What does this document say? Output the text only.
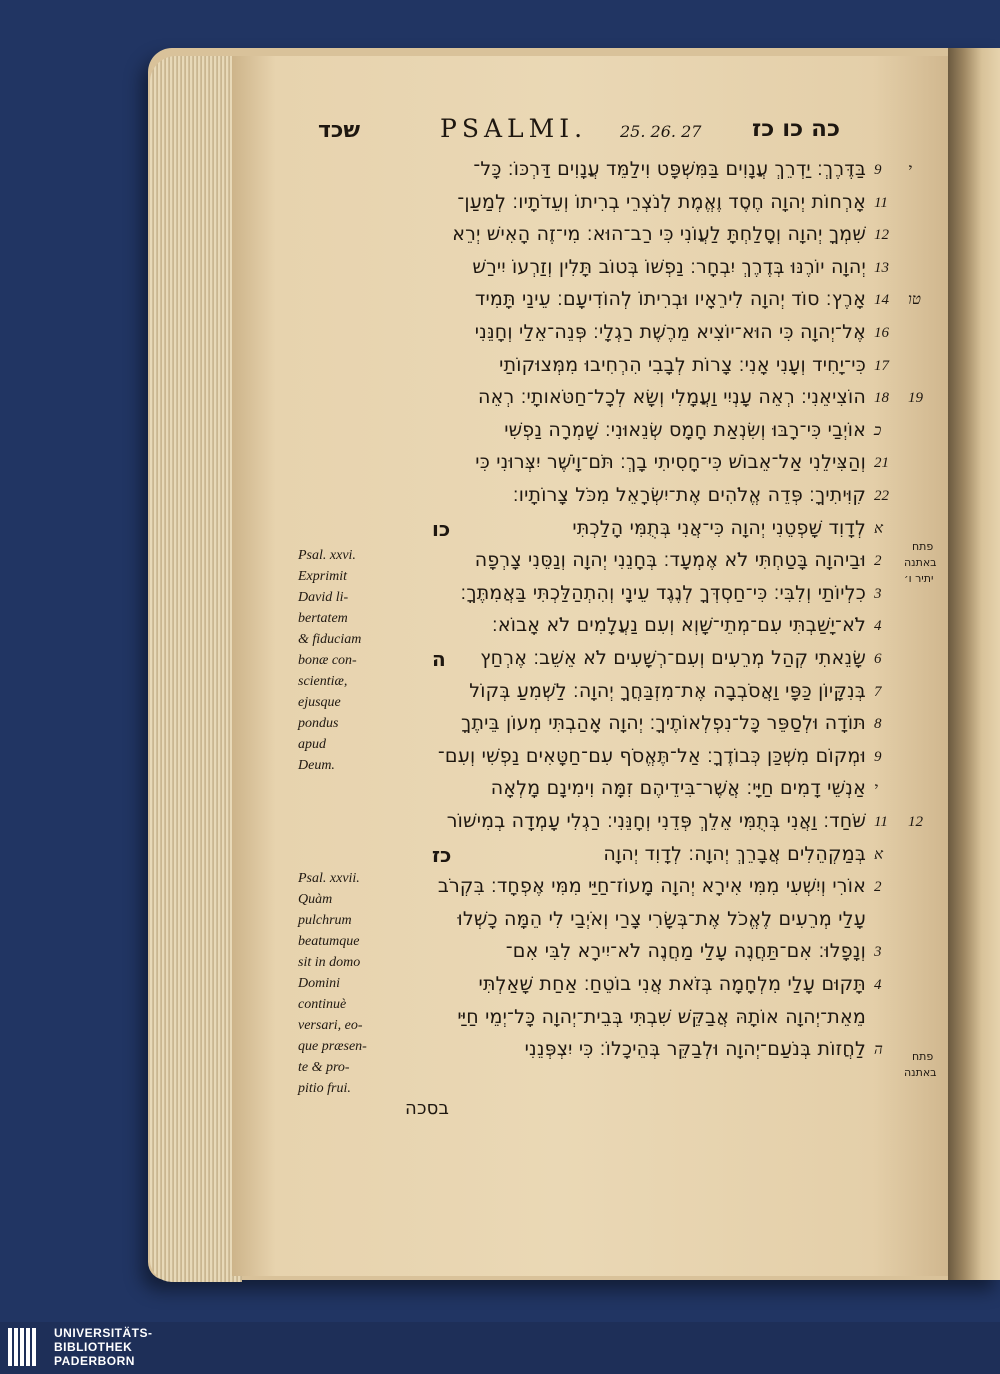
שכד	PSALMI. 25. 26. 27 כה כו כז
בַּדֶּרֶךְ׃ יַדְרֵךְ עֲנָוִים בַּמִּשְׁפָּט וִילַמֵּד עֲנָוִים דַּרְכּוֹ׃ כָּל־ 9 י
אָרְחוֹת יְהוָה חֶסֶד וֶאֱמֶת לְנֹצְרֵי בְרִיתוֹ וְעֵדֹתָיו׃ לְמַעַן־ 11
שִׁמְךָ יְהוָה וְסָלַחְתָּ לַעֲוֹנִי כִּי רַב־הוּא׃ מִי־זֶה הָאִישׁ יְרֵא 12
יְהוָה יוֹרֶנּוּ בְּדֶרֶךְ יִבְחָר׃ נַפְשׁוֹ בְּטוֹב תָּלִין וְזַרְעוֹ יִירַשׁ 13
אָרֶץ׃ סוֹד יְהוָה לִירֵאָיו וּבְרִיתוֹ לְהוֹדִיעָם׃ עֵינַי תָּמִיד 14 טו
אֶל־יְהוָה כִּי הוּא־יוֹצִיא מֵרֶשֶׁת רַגְלָי׃ פְּנֵה־אֵלַי וְחָנֵּנִי 16
כִּי־יָחִיד וְעָנִי אָנִי׃ צָרוֹת לְבָבִי הִרְחִיבוּ מִמְּצוּקוֹתַי 17
הוֹצִיאֵנִי׃ רְאֵה עָנְיִי וַעֲמָלִי וְשָׂא לְכָל־חַטֹּאותָי׃ רְאֵה 18 19
אוֹיְבַי כִּי־רָבּוּ וְשִׂנְאַת חָמָס שְׂנֵאוּנִי׃ שָׁמְרָה נַפְשִׁי כ
וְהַצִּילֵנִי אַל־אֵבוֹשׁ כִּי־חָסִיתִי בָךְ׃ תֹּם־וָיֹשֶׁר יִצְּרוּנִי כִּי 21
קִוִּיתִיךָ׃ פְּדֵה אֱלֹהִים אֶת־יִשְׂרָאֵל מִכֹּל צָרוֹתָיו׃ 22
לְדָוִד שָׁפְטֵנִי יְהוָה כִּי־אֲנִי בְּתֻמִּי הָלַכְתִּי
כו	א
וּבַיהוָה בָּטַחְתִּי לֹא אֶמְעָד׃ בְּחָנֵנִי יְהוָה וְנַסֵּנִי צָרְפָה 2
כִלְיוֹתַי וְלִבִּי׃ כִּי־חַסְדְּךָ לְנֶגֶד עֵינָי וְהִתְהַלַּכְתִּי בַּאֲמִתֶּךָ׃ 3
לֹא־יָשַׁבְתִּי עִם־מְתֵי־שָׁוְא וְעִם נַעֲלָמִים לֹא אָבוֹא׃ 4
שָׂנֵאתִי קְהַל מְרֵעִים וְעִם־רְשָׁעִים לֹא אֵשֵׁב׃ אֶרְחַץ
ה	6
בְּנִקָּיוֹן כַּפָּי וַאֲסֹבְבָה אֶת־מִזְבַּחֲךָ יְהוָה׃ לַשְׁמִעַ בְּקוֹל 7
תּוֹדָה וּלְסַפֵּר כָּל־נִפְלְאוֹתֶיךָ׃ יְהוָה אָהַבְתִּי מְעוֹן בֵּיתֶךָ 8
וּמְקוֹם מִשְׁכַּן כְּבוֹדֶךָ׃ אַל־תֶּאֱסֹף עִם־חַטָּאִים נַפְשִׁי וְעִם־ 9
אַנְשֵׁי דָמִים חַיָּי׃ אֲשֶׁר־בִּידֵיהֶם זִמָּה וִימִינָם מָלְאָה י
שֹּׁחַד׃ וַאֲנִי בְּתֻמִּי אֵלֵךְ פְּדֵנִי וְחָנֵּנִי׃ רַגְלִי עָמְדָה בְמִישׁוֹר 11 12
בְּמַקְהֵלִים אֲבָרֵךְ יְהוָה׃ לְדָוִד יְהוָה
כז	א
אוֹרִי וְיִשְׁעִי מִמִּי אִירָא יְהוָה מָעוֹז־חַיַּי מִמִּי אֶפְחָד׃ בִּקְרֹב 2
עָלַי מְרֵעִים לֶאֱכֹל אֶת־בְּשָׂרִי צָרַי וְאֹיְבַי לִי הֵמָּה כָשְׁלוּ
וְנָפָלוּ׃ אִם־תַּחֲנֶה עָלַי מַחֲנֶה לֹא־יִירָא לִבִּי אִם־ 3
תָּקוּם עָלַי מִלְחָמָה בְּזֹאת אֲנִי בוֹטֵחַ׃ אַחַת שָׁאַלְתִּי 4
מֵאֵת־יְהוָה אוֹתָהּ אֲבַקֵּשׁ שִׁבְתִּי בְּבֵית־יְהוָה כָּל־יְמֵי חַיַּי
לַחֲזוֹת בְּנֹעַם־יְהוָה וּלְבַקֵּר בְּהֵיכָלוֹ׃ כִּי יִצְפְּנֵנִי ה
בסכה
Psal. xxvi.
Exprimit
David li-
bertatem
& fiduciam
bonæ con-
scientiæ,
ejusque
pondus
apud
Deum.
Psal. xxvii.
Quàm
pulchrum
beatumque
sit in domo
Domini
continuè
versari, eo-
que præsen-
te & pro-
pitio frui.
פתח
באתנה
יתיר ו׳
פתח
באתנה
UNIVERSITÄTS-
BIBLIOTHEK
PADERBORN
